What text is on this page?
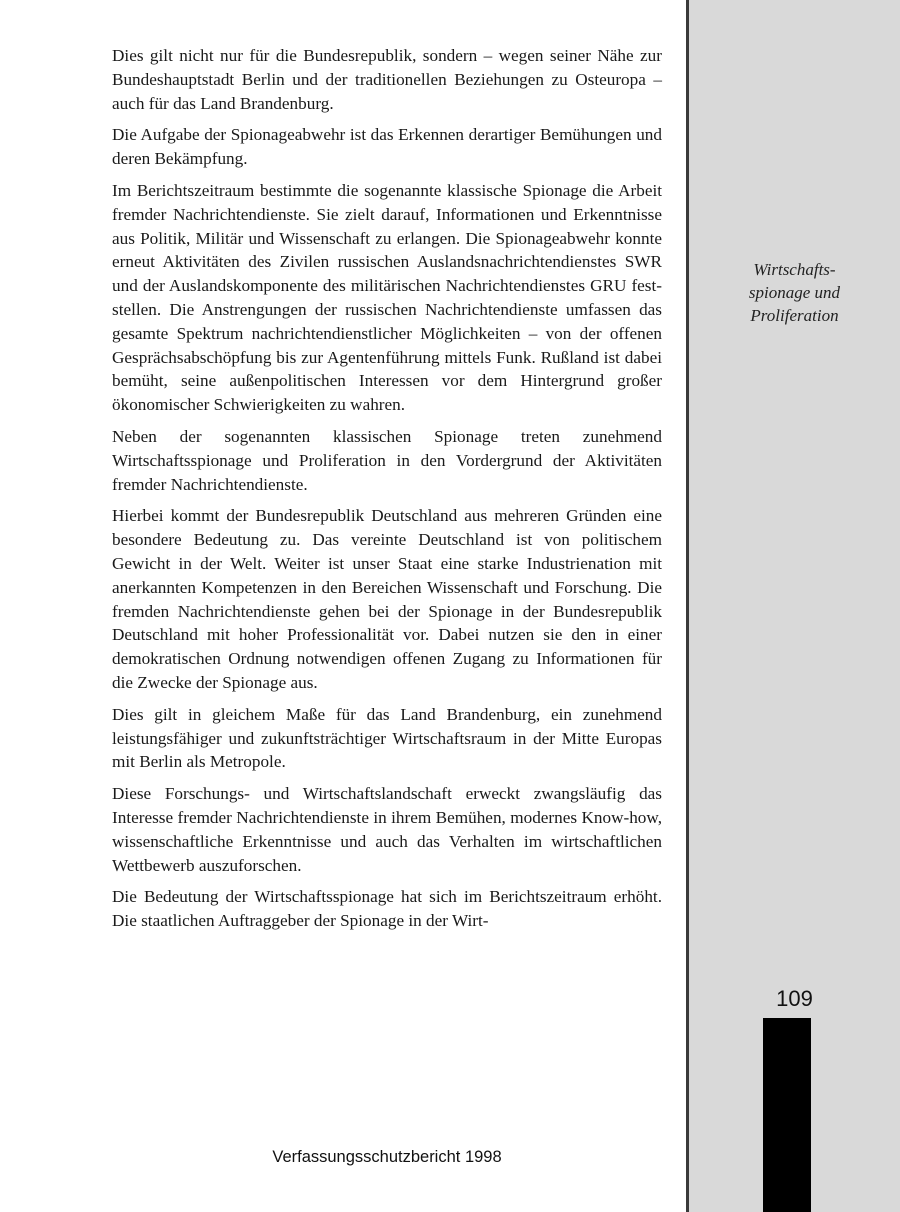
Dies gilt nicht nur für die Bundesrepublik, sondern – wegen seiner Nähe zur Bundeshauptstadt Berlin und der traditionellen Beziehungen zu Osteuropa – auch für das Land Brandenburg.

Die Aufgabe der Spionageabwehr ist das Erkennen derartiger Bemühungen und deren Bekämpfung.

Im Berichtszeitraum bestimmte die sogenannte klassische Spionage die Arbeit fremder Nachrichtendienste. Sie zielt darauf, Informationen und Erkenntnisse aus Politik, Militär und Wissenschaft zu erlangen. Die Spionageabwehr konnte erneut Aktivitäten des Zivilen russischen Auslandsnachrichtendienstes SWR und der Auslandskomponente des militärischen Nachrichtendienstes GRU feststellen. Die Anstrengungen der russischen Nachrichtendienste umfassen das gesamte Spektrum nachrichtendienstlicher Möglichkeiten – von der offenen Gesprächsabschöpfung bis zur Agentenführung mittels Funk. Rußland ist dabei bemüht, seine außenpolitischen Interessen vor dem Hintergrund großer ökonomischer Schwierigkeiten zu wahren.

Neben der sogenannten klassischen Spionage treten zunehmend Wirtschaftsspionage und Proliferation in den Vordergrund der Aktivitäten fremder Nachrichtendienste.

Hierbei kommt der Bundesrepublik Deutschland aus mehreren Gründen eine besondere Bedeutung zu. Das vereinte Deutschland ist von politischem Gewicht in der Welt. Weiter ist unser Staat eine starke Industrienation mit anerkannten Kompetenzen in den Bereichen Wissenschaft und Forschung. Die fremden Nachrichtendienste gehen bei der Spionage in der Bundesrepublik Deutschland mit hoher Professionalität vor. Dabei nutzen sie den in einer demokratischen Ordnung notwendigen offenen Zugang zu Informationen für die Zwecke der Spionage aus.

Dies gilt in gleichem Maße für das Land Brandenburg, ein zunehmend leistungsfähiger und zukunftsträchtiger Wirtschaftsraum in der Mitte Europas mit Berlin als Metropole.

Diese Forschungs- und Wirtschaftslandschaft erweckt zwangsläufig das Interesse fremder Nachrichtendienste in ihrem Bemühen, modernes Know-how, wissenschaftliche Erkenntnisse und auch das Verhalten im wirtschaftlichen Wettbewerb auszuforschen.

Die Bedeutung der Wirtschaftsspionage hat sich im Berichtszeitraum erhöht. Die staatlichen Auftraggeber der Spionage in der Wirt-

Wirtschafts-
spionage und
Proliferation
109
Verfassungsschutzbericht 1998
